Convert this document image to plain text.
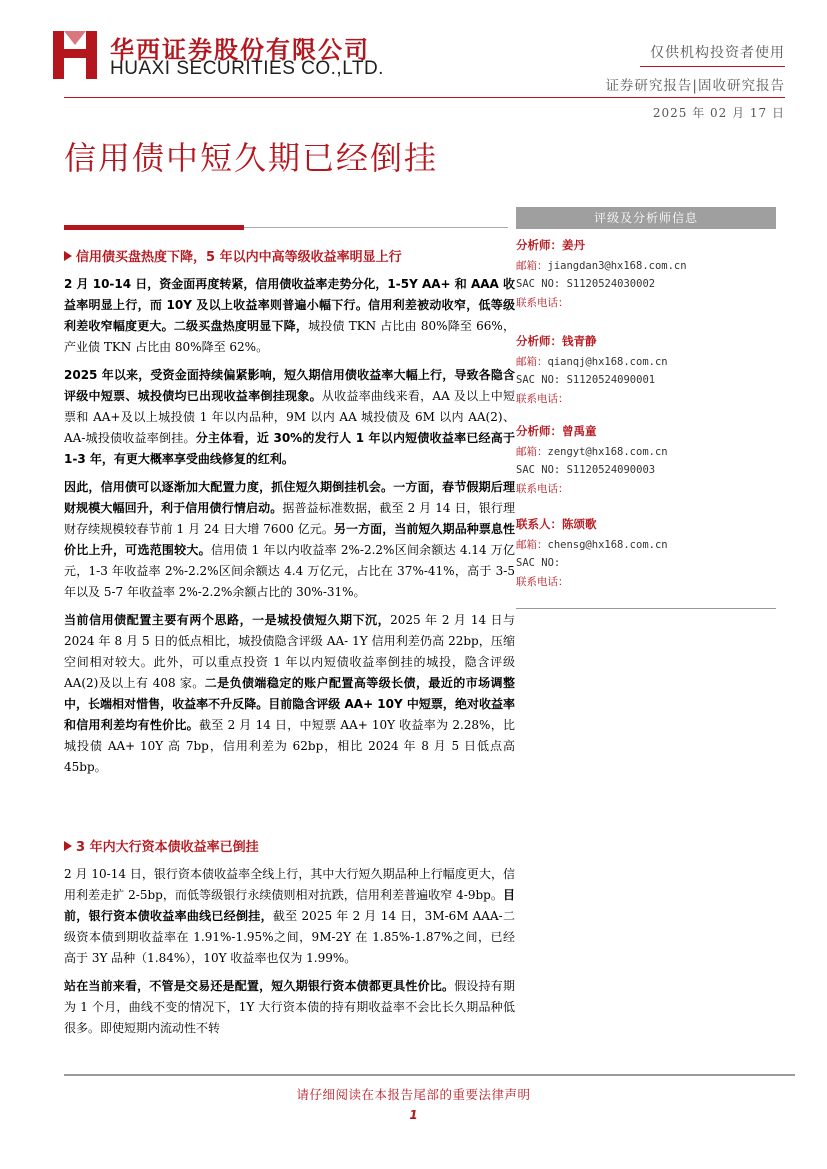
华西证券股份有限公司
HUAXI SECURITIES CO.,LTD.
仅供机构投资者使用
证券研究报告|固收研究报告
2025 年 02 月 17 日
信用债中短久期已经倒挂
信用债买盘热度下降，5 年以内中高等级收益率明显上行

2 月 10-14 日，资金面再度转紧，信用债收益率走势分化，1-5Y AA+ 和 AAA 收益率明显上行，而 10Y 及以上收益率则普遍小幅下行。信用利差被动收窄，低等级利差收窄幅度更大。二级买盘热度明显下降，城投债 TKN 占比由 80%降至 66%，产业债 TKN 占比由 80%降至 62%。

2025 年以来，受资金面持续偏紧影响，短久期信用债收益率大幅上行，导致各隐含评级中短票、城投债均已出现收益率倒挂现象。从收益率曲线来看，AA 及以上中短票和 AA+及以上城投债 1 年以内品种，9M 以内 AA 城投债及 6M 以内 AA(2)、AA-城投债收益率倒挂。分主体看，近 30%的发行人 1 年以内短债收益率已经高于 1-3 年，有更大概率享受曲线修复的红利。

因此，信用债可以逐渐加大配置力度，抓住短久期倒挂机会。一方面，春节假期后理财规模大幅回升，利于信用债行情启动。据普益标准数据，截至 2 月 14 日，银行理财存续规模较春节前 1 月 24 日大增 7600 亿元。另一方面，当前短久期品种票息性价比上升，可选范围较大。信用债 1 年以内收益率 2%-2.2%区间余额达 4.14 万亿元，1-3 年收益率 2%-2.2%区间余额达 4.4 万亿元，占比在 37%-41%，高于 3-5 年以及 5-7 年收益率 2%-2.2%余额占比的 30%-31%。

当前信用债配置主要有两个思路，一是城投债短久期下沉，2025 年 2 月 14 日与 2024 年 8 月 5 日的低点相比，城投债隐含评级 AA- 1Y 信用利差仍高 22bp，压缩空间相对较大。此外，可以重点投资 1 年以内短债收益率倒挂的城投，隐含评级 AA(2)及以上有 408 家。二是负债端稳定的账户配置高等级长债，最近的市场调整中，长端相对惜售，收益率不升反降。目前隐含评级 AA+ 10Y 中短票，绝对收益率和信用利差均有性价比。截至 2 月 14 日，中短票 AA+ 10Y 收益率为 2.28%，比城投债 AA+ 10Y 高 7bp，信用利差为 62bp，相比 2024 年 8 月 5 日低点高 45bp。

3 年内大行资本债收益率已倒挂

2 月 10-14 日，银行资本债收益率全线上行，其中大行短久期品种上行幅度更大，信用利差走扩 2-5bp，而低等级银行永续债则相对抗跌，信用利差普遍收窄 4-9bp。目前，银行资本债收益率曲线已经倒挂，截至 2025 年 2 月 14 日，3M-6M AAA-二级资本债到期收益率在 1.91%-1.95%之间，9M-2Y 在 1.85%-1.87%之间，已经高于 3Y 品种（1.84%），10Y 收益率也仅为 1.99%。

站在当前来看，不管是交易还是配置，短久期银行资本债都更具性价比。假设持有期为 1 个月，曲线不变的情况下，1Y 大行资本债的持有期收益率不会比长久期品种低很多。即使短期内流动性不转

评级及分析师信息
分析师：姜丹
邮箱：jiangdan3@hx168.com.cn
SAC NO: S1120524030002
联系电话：
分析师：钱青静
邮箱：qianqj@hx168.com.cn
SAC NO: S1120524090001
联系电话：
分析师：曾禹童
邮箱：zengyt@hx168.com.cn
SAC NO: S1120524090003
联系电话：
联系人：陈颂歌
邮箱：chensg@hx168.com.cn
SAC NO:
联系电话：
请仔细阅读在本报告尾部的重要法律声明
1
